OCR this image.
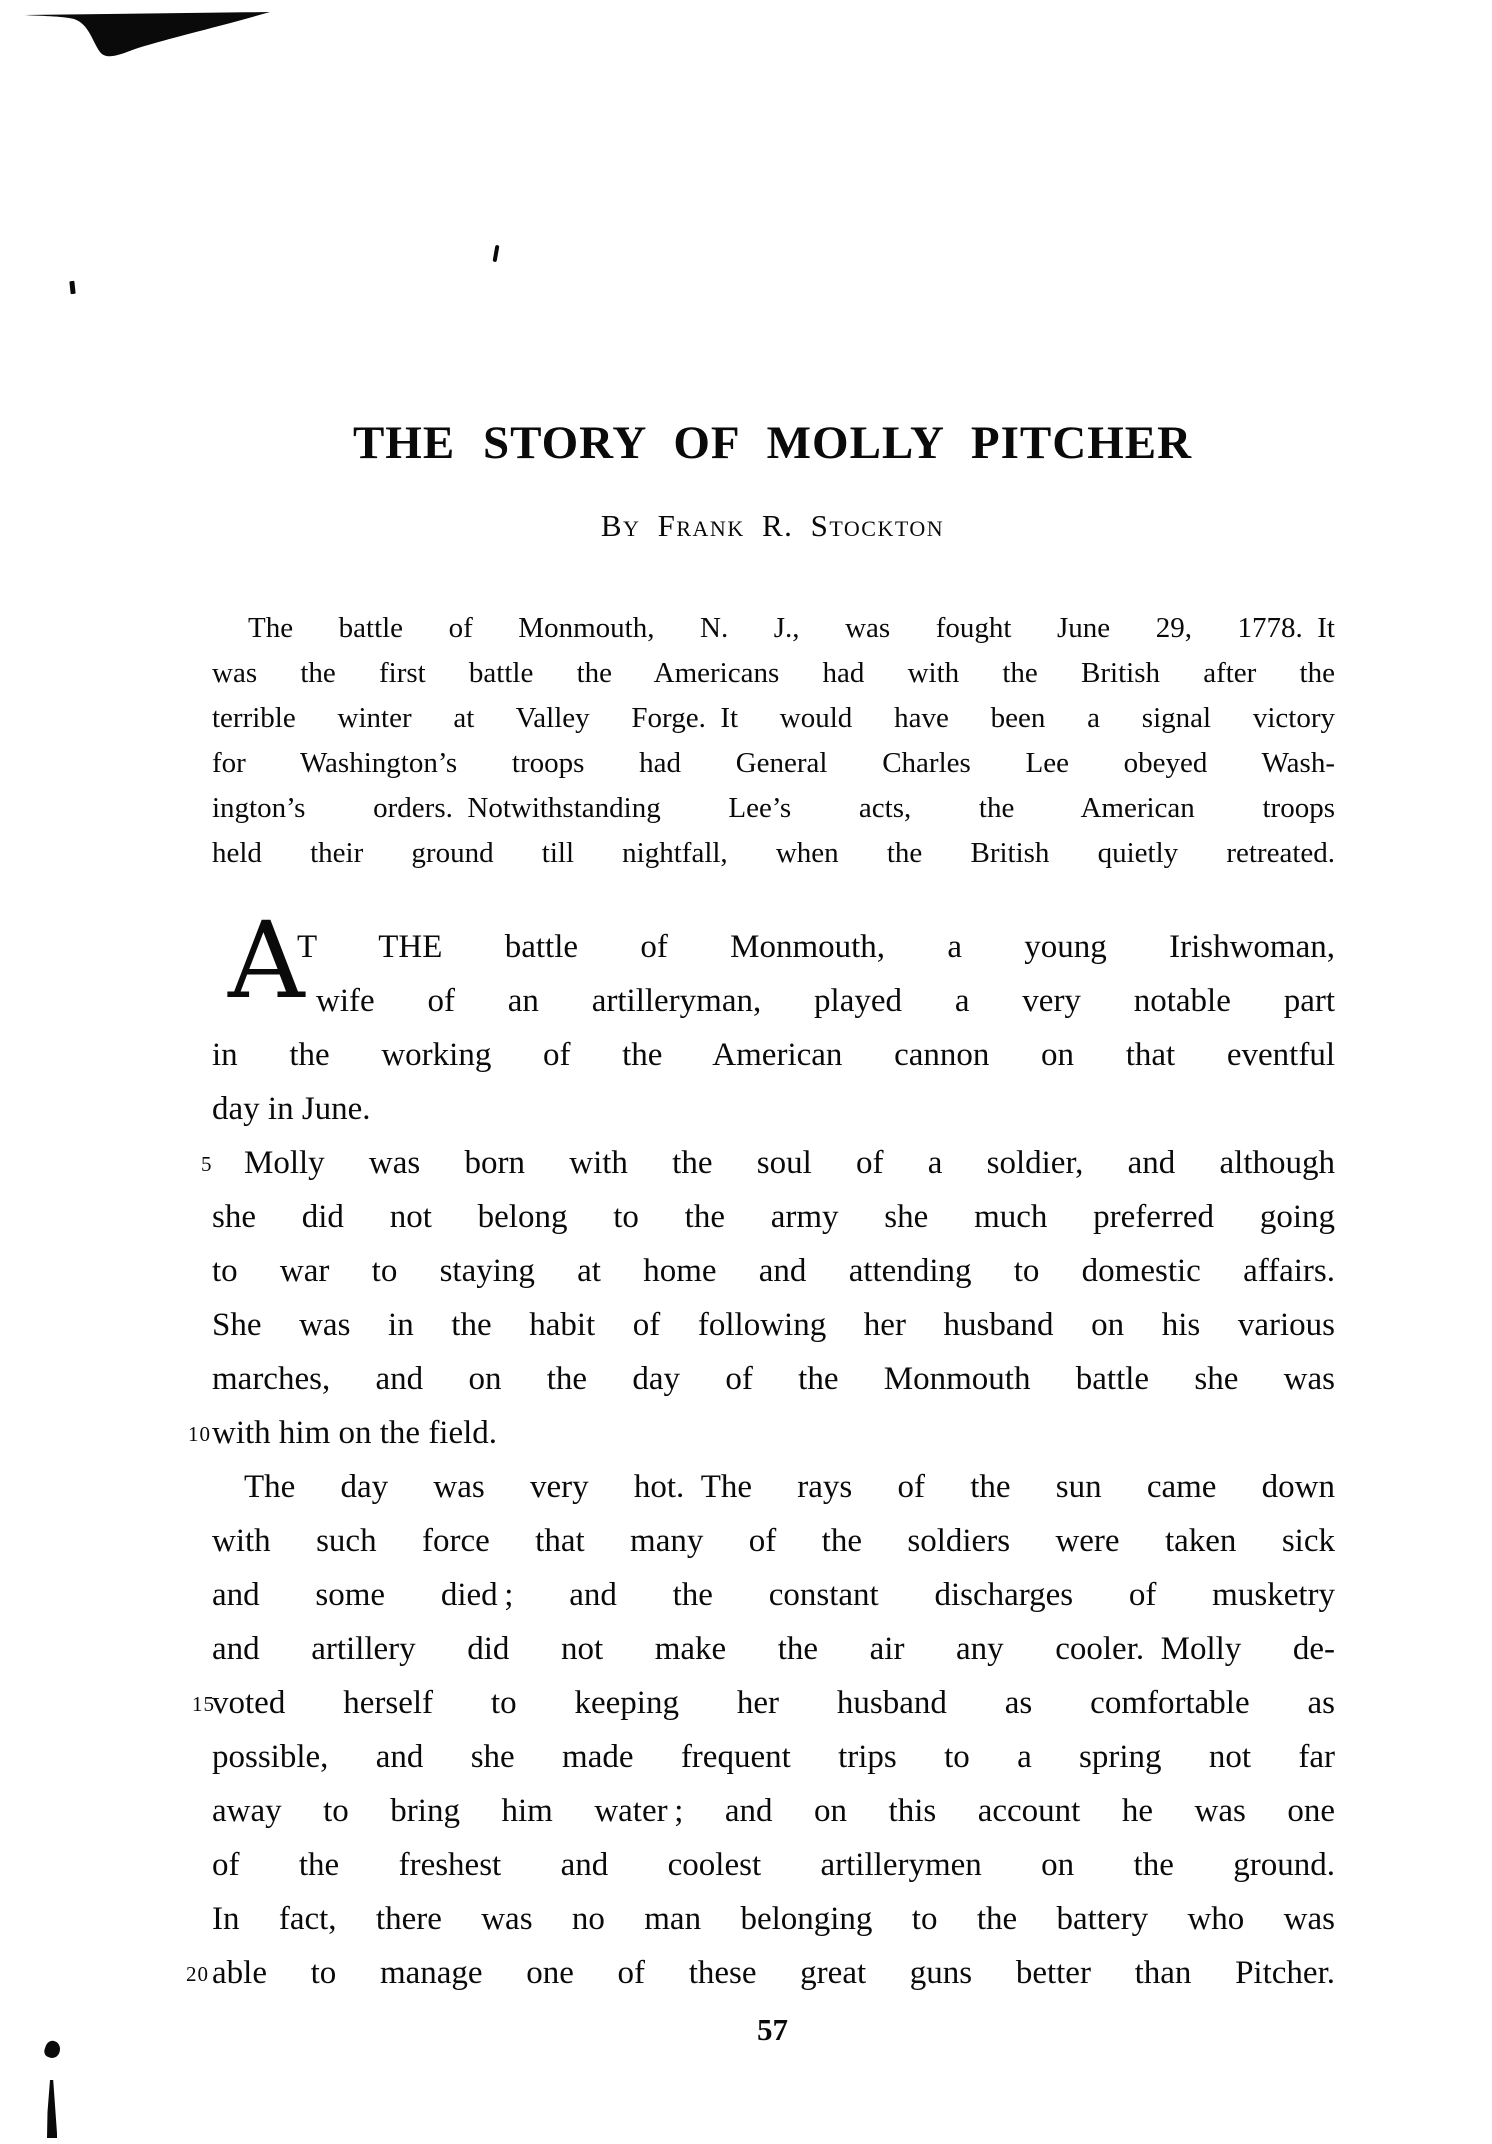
THE STORY OF MOLLY PITCHER
By Frank R. Stockton
The battle of Monmouth, N. J., was fought June 29, 1778. It
was the first battle the Americans had with the British after the
terrible winter at Valley Forge. It would have been a signal victory
for Washington’s troops had General Charles Lee obeyed Wash-
ington’s orders. Notwithstanding Lee’s acts, the American troops
held their ground till nightfall, when the British quietly retreated.
A
T THE battle of Monmouth, a young Irishwoman,
wife of an artilleryman, played a very notable part
in the working of the American cannon on that eventful
day in June.
5 Molly was born with the soul of a soldier, and although
she did not belong to the army she much preferred going
to war to staying at home and attending to domestic affairs.
She was in the habit of following her husband on his various
marches, and on the day of the Monmouth battle she was
10 with him on the field.
The day was very hot. The rays of the sun came down
with such force that many of the soldiers were taken sick
and some died ; and the constant discharges of musketry
and artillery did not make the air any cooler. Molly de-
15
voted herself to keeping her husband as comfortable as
possible, and she made frequent trips to a spring not far
away to bring him water ; and on this account he was one
of the freshest and coolest artillerymen on the ground.
In fact, there was no man belonging to the battery who was
20 able to manage one of these great guns better than Pitcher.
57
